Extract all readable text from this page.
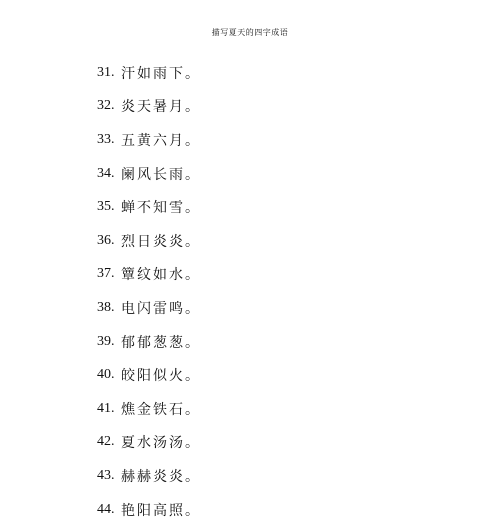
描写夏天的四字成语
31. 汗如雨下。
32. 炎天暑月。
33. 五黄六月。
34. 阑风长雨。
35. 蝉不知雪。
36. 烈日炎炎。
37. 簟纹如水。
38. 电闪雷鸣。
39. 郁郁葱葱。
40. 皎阳似火。
41. 燋金铁石。
42. 夏水汤汤。
43. 赫赫炎炎。
44. 艳阳高照。
